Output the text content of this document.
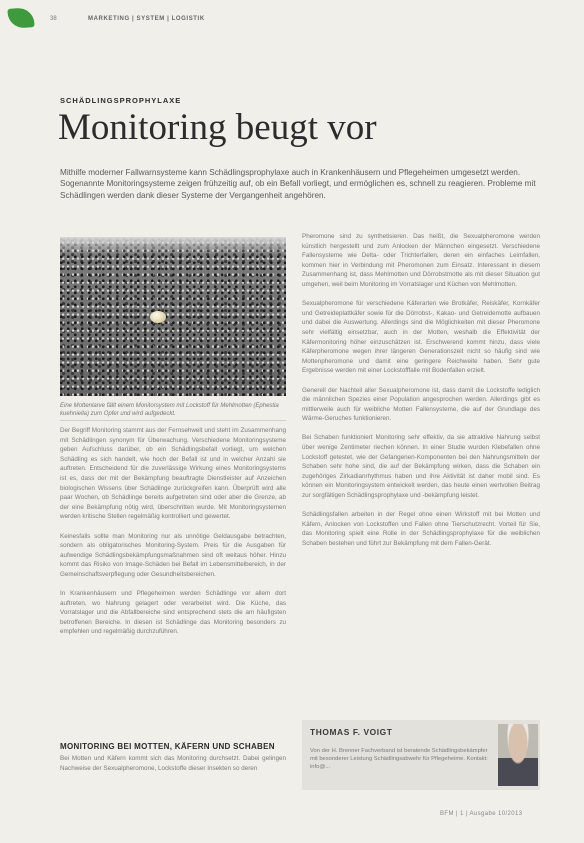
38	MARKETING | SYSTEM | LOGISTIK
SCHÄDLINGSPROPHYLAXE
Monitoring beugt vor
Mithilfe moderner Fallwarnsysteme kann Schädlingsprophylaxe auch in Krankenhäusern und Pflegeheimen umgesetzt werden. Sogenannte Monitoringsysteme zeigen frühzeitig auf, ob ein Befall vorliegt, und ermöglichen es, schnell zu reagieren. Probleme mit Schädlingen werden dank dieser Systeme der Vergangenheit angehören.
Eine Mottenlarve fällt einem Monitorsystem mit Lockstoff für Mehlmotten (Ephestia kuehniella) zum Opfer und wird aufgedeckt.
Der Begriff Monitoring stammt aus der Fernsehwelt und steht im Zusammenhang mit Schädlingen synonym für Überwachung. Verschiedene Monitoringsysteme geben Aufschluss darüber, ob ein Schädlingsbefall vorliegt, um welchen Schädling es sich handelt, wie hoch der Befall ist und in welcher Anzahl sie auftreten. Entscheidend für die zuverlässige Wirkung eines Monitoringsystems ist es, dass der mit der Bekämpfung beauftragte Dienstleister auf Anzeichen biologischen Wissens über Schädlinge zurückgreifen kann. Überprüft wird alle paar Wochen, ob Schädlinge bereits aufgetreten sind oder aber die Grenze, ab der eine Bekämpfung nötig wird, überschritten wurde. Mit Monitoringsystemen werden kritische Stellen regelmäßig kontrolliert und gewertet.

Keinesfalls sollte man Monitoring nur als unnötige Geldausgabe betrachten, sondern als obligatorisches Monitoring-System. Preis für die Ausgaben für aufwendige Schädlingsbekämpfungsmaßnahmen sind oft weitaus höher. Hinzu kommt das Risiko von Image-Schäden bei Befall im Lebensmittelbereich, in der Gemeinschaftsverpflegung oder Gesundheitsbereichen.

In Krankenhäusern und Pflegeheimen werden Schädlinge vor allem dort auftreten, wo Nahrung gelagert oder verarbeitet wird. Die Küche, das Vorratslager und die Abfallbereiche sind entsprechend stets die am häufigsten betroffenen Bereiche. In diesen ist Schädlinge das Monitoring besonders zu empfehlen und regelmäßig durchzuführen.
MONITORING BEI MOTTEN, KÄFERN UND SCHABEN
Bei Motten und Käfern kommt sich das Monitoring durchsetzt. Dabei gelingen Nachweise der Sexualpheromone, Lockstoffe dieser Insekten so deren
Pheromone sind zu synthetisieren. Das heißt, die Sexualpheromone werden künstlich hergestellt und zum Anlocken der Männchen eingesetzt. Verschiedene Fallensysteme wie Delta- oder Trichterfallen, deren ein einfaches Leimfallen, kommen hier in Verbindung mit Pheromonen zum Einsatz. Interessant in diesem Zusammenhang ist, dass Mehlmotten und Dörrobstmotte als mit dieser Situation gut umgehen, weil beim Monitoring im Vorratslager und Küchen von Mehlmotten.

Sexualpheromone für verschiedene Käferarten wie Brotkäfer, Reiskäfer, Kornkäfer und Getreideplattkäfer sowie für die Dörrobst-, Kakao- und Getreidemotte aufbauen und dabei die Auswertung. Allerdings sind die Möglichkeiten mit dieser Pheromone sehr vielfältig einsetzbar, auch in der Motten, weshalb die Effektivität der Käfermonitoring höher einzuschätzen ist. Erschwerend kommt hinzu, dass viele Käferpheromone wegen ihrer längeren Generationszeit nicht so häufig sind wie Mottenpheromone und damit eine geringere Reichweite haben. Sehr gute Ergebnisse werden mit einer Lockstofffalle mit Bodenfallen erzielt.

Generell der Nachteil aller Sexualpheromone ist, dass damit die Lockstoffe lediglich die männlichen Spezies einer Population angesprochen werden. Allerdings gibt es mittlerweile auch für weibliche Motten Fallensysteme, die auf der Grundlage des Wärme-Geruches funktionieren.

Bei Schaben funktioniert Monitoring sehr effektiv, da sie attraktive Nahrung selbst über wenige Zentimeter riechen können. In einer Studie wurden Klebefallen ohne Lockstoff getestet, wie der Gefangenen-Komponenten bei den Nahrungsmitteln der Schaben sehr hohe sind, die auf der Bekämpfung wirken, dass die Schaben ein zugehöriges Zirkadianrhythmus haben und ihre Aktivität ist daher mobil sind. Es können ein Monitoringsystem entwickelt werden, das heute einen wertvollen Beitrag zur sorgfältigen Schädlingsprophylaxe und -bekämpfung leistet.

Schädlingsfallen arbeiten in der Regel ohne einen Wirkstoff mit bei Motten und Käfern, Anlocken von Lockstoffen und Fallen ohne Tierschutzrecht. Vorteil für Sie, das Monitoring spielt eine Rolle in der Schädlingsprophylaxe für die weiblichen Schaben bestehen und führt zur Bekämpfung mit dem Fallen-Gerät.
THOMAS F. VOIGT
Von der H. Brenner Fachverband ist beratende Schädlingsbekämpfer mit besonderer Leistung Schädlingsabwehr für Pflegeheime. Kontakt: info@...
BFM | 1 | Ausgabe 10/2013
